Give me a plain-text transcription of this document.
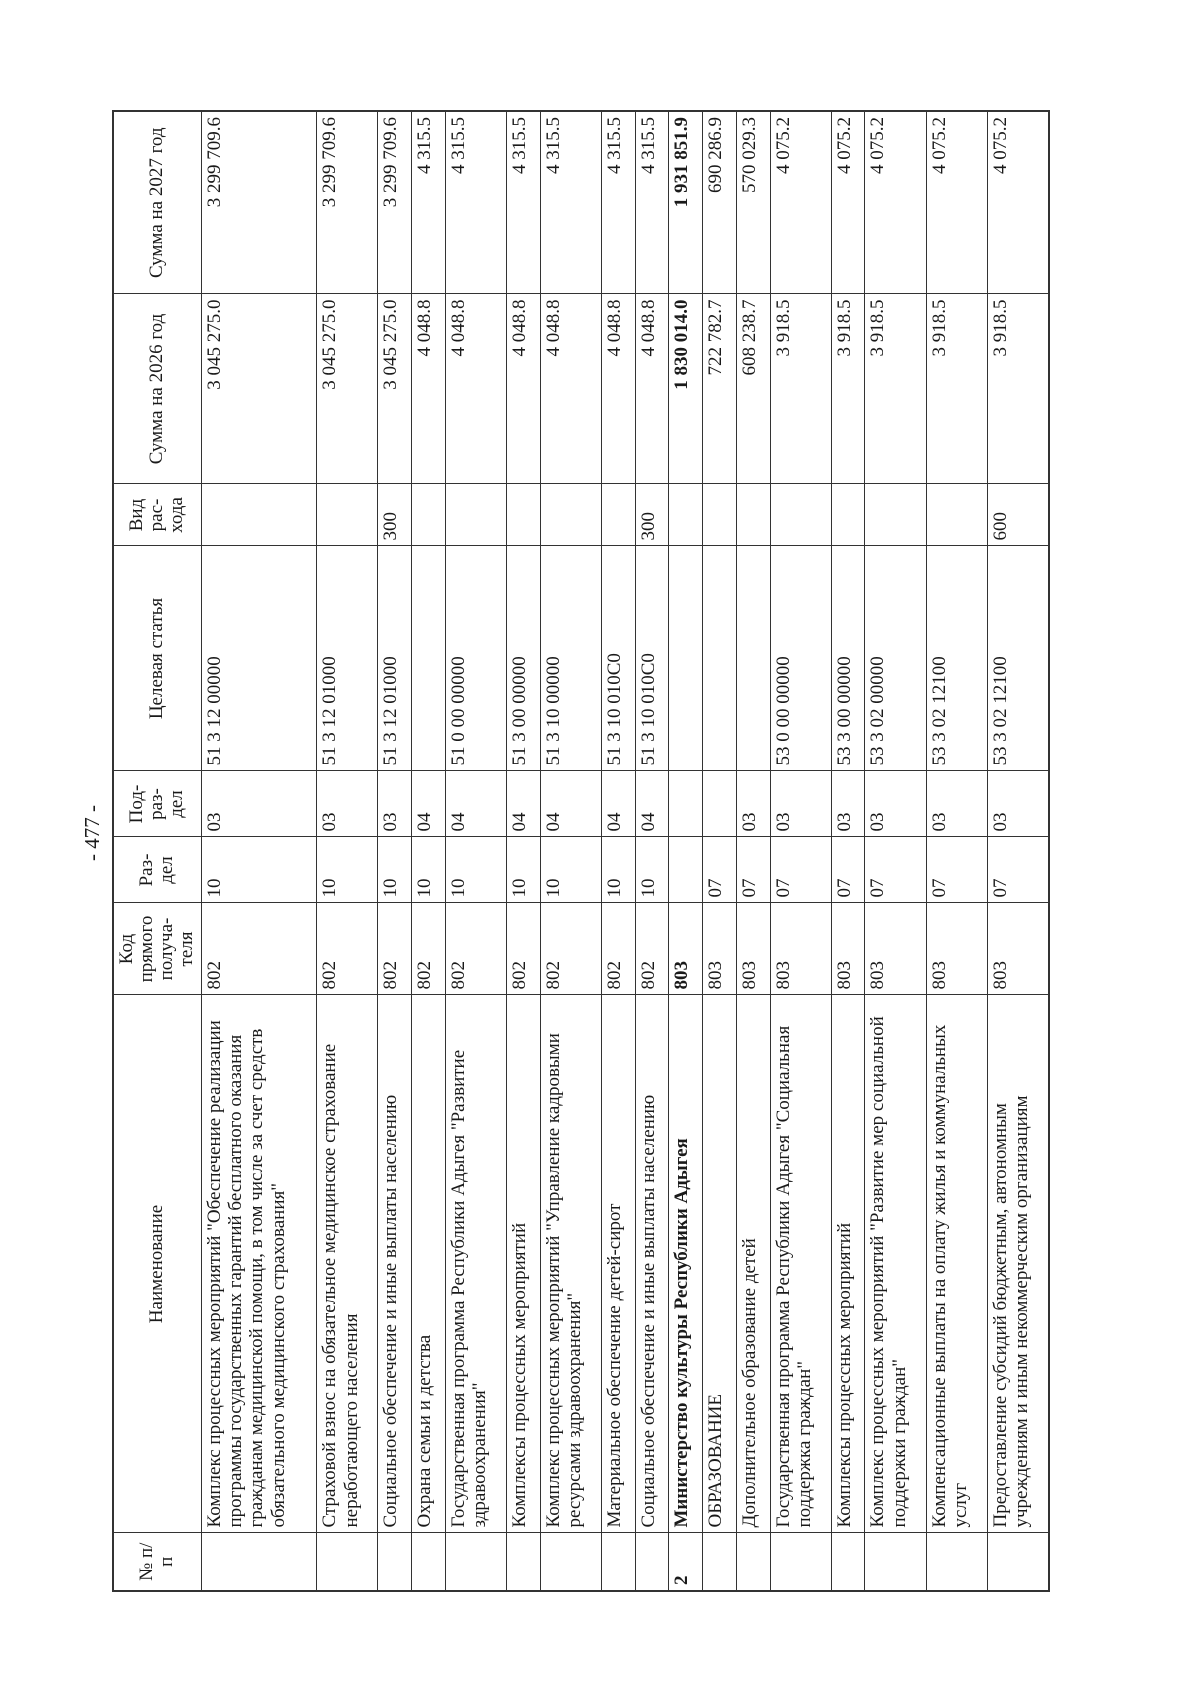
- 477 -
№ п/п	Наименование	Код прямого получа-теля	Раз-дел	Под-раз-дел	Целевая статья	Вид рас-хода	Сумма на 2026 год	Сумма на 2027 год
	Комплекс процессных мероприятий "Обеспечение реализации программы государственных гарантий бесплатного оказания гражданам медицинской помощи, в том числе за счет средств обязательного медицинского страхования"	802	10	03	51 3 12 00000		3 045 275.0	3 299 709.6
	Страховой взнос на обязательное медицинское страхование неработающего населения	802	10	03	51 3 12 01000		3 045 275.0	3 299 709.6
	Социальное обеспечение и иные выплаты населению	802	10	03	51 3 12 01000	300	3 045 275.0	3 299 709.6
	Охрана семьи и детства	802	10	04			4 048.8	4 315.5
	Государственная программа Республики Адыгея "Развитие здравоохранения"	802	10	04	51 0 00 00000		4 048.8	4 315.5
	Комплексы процессных мероприятий	802	10	04	51 3 00 00000		4 048.8	4 315.5
	Комплекс процессных мероприятий "Управление кадровыми ресурсами здравоохранения"	802	10	04	51 3 10 00000		4 048.8	4 315.5
	Материальное обеспечение детей-сирот	802	10	04	51 3 10 010C0		4 048.8	4 315.5
	Социальное обеспечение и иные выплаты населению	802	10	04	51 3 10 010C0	300	4 048.8	4 315.5
2	Министерство культуры Республики Адыгея	803					1 830 014.0	1 931 851.9
	ОБРАЗОВАНИЕ	803	07				722 782.7	690 286.9
	Дополнительное образование детей	803	07	03			608 238.7	570 029.3
	Государственная программа Республики Адыгея "Социальная поддержка граждан"	803	07	03	53 0 00 00000		3 918.5	4 075.2
	Комплексы процессных мероприятий	803	07	03	53 3 00 00000		3 918.5	4 075.2
	Комплекс процессных мероприятий "Развитие мер социальной поддержки граждан"	803	07	03	53 3 02 00000		3 918.5	4 075.2
	Компенсационные выплаты на оплату жилья и коммунальных услуг	803	07	03	53 3 02 12100		3 918.5	4 075.2
	Предоставление субсидий бюджетным, автономным учреждениям и иным некоммерческим организациям	803	07	03	53 3 02 12100	600	3 918.5	4 075.2
